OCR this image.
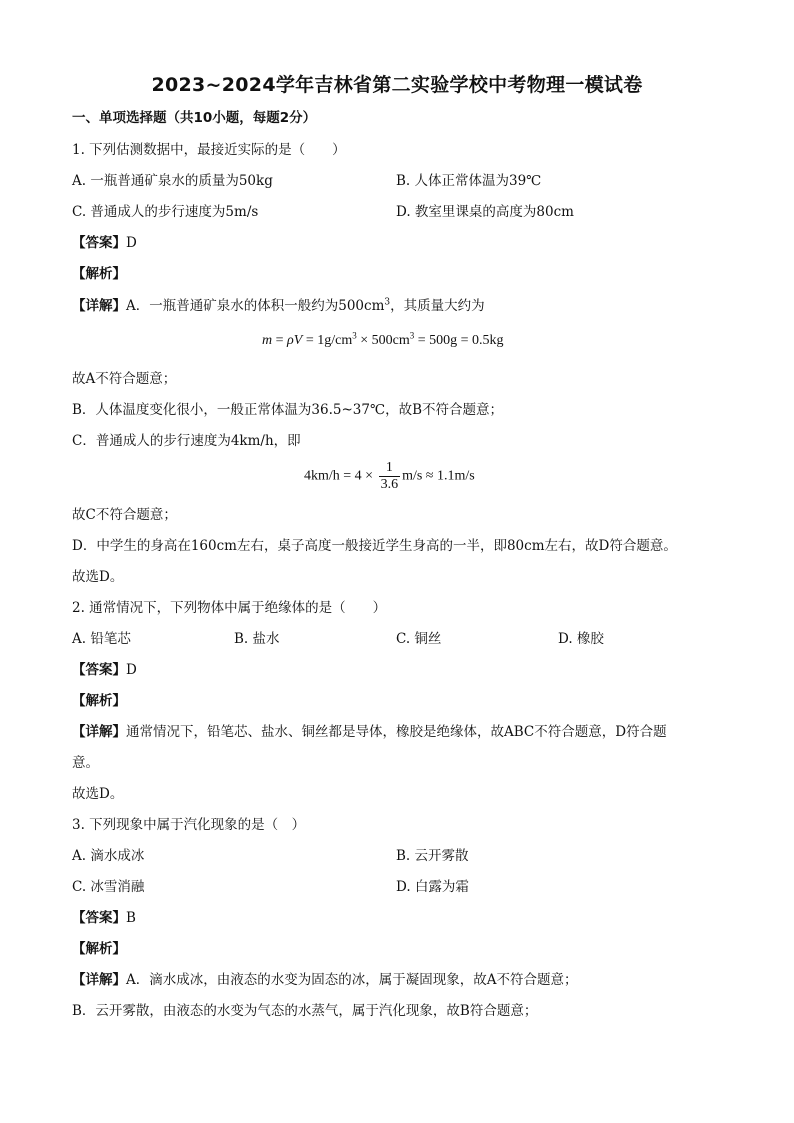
2023~2024学年吉林省第二实验学校中考物理一模试卷
一、单项选择题（共10小题，每题2分）
1. 下列估测数据中，最接近实际的是（　　）
A. 一瓶普通矿泉水的质量为50kg	B. 人体正常体温为39℃
C. 普通成人的步行速度为5m/s	D. 教室里课桌的高度为80cm
【答案】D
【解析】
【详解】A．一瓶普通矿泉水的体积一般约为$500cm^3$，其质量大约为
$m = \rho V = 1g/cm^3 \times 500cm^3 = 500g = 0.5kg$
故A不符合题意；
B．人体温度变化很小，一般正常体温为36.5~37℃，故B不符合题意；
C．普通成人的步行速度为4km/h，即
$4km/h = 4 \times \frac{1}{3.6} m/s \approx 1.1m/s$
故C不符合题意；
D．中学生的身高在160cm左右，桌子高度一般接近学生身高的一半，即80cm左右，故D符合题意。
故选D。
2. 通常情况下，下列物体中属于绝缘体的是（　　）
A. 铅笔芯	B. 盐水	C. 铜丝	D. 橡胶
【答案】D
【解析】
【详解】通常情况下，铅笔芯、盐水、铜丝都是导体，橡胶是绝缘体，故ABC不符合题意，D符合题
意。
故选D。
3. 下列现象中属于汽化现象的是（　）
A. 滴水成冰	B. 云开雾散
C. 冰雪消融	D. 白露为霜
【答案】B
【解析】
【详解】A．滴水成冰，由液态的水变为固态的冰，属于凝固现象，故A不符合题意；
B．云开雾散，由液态的水变为气态的水蒸气，属于汽化现象，故B符合题意；
